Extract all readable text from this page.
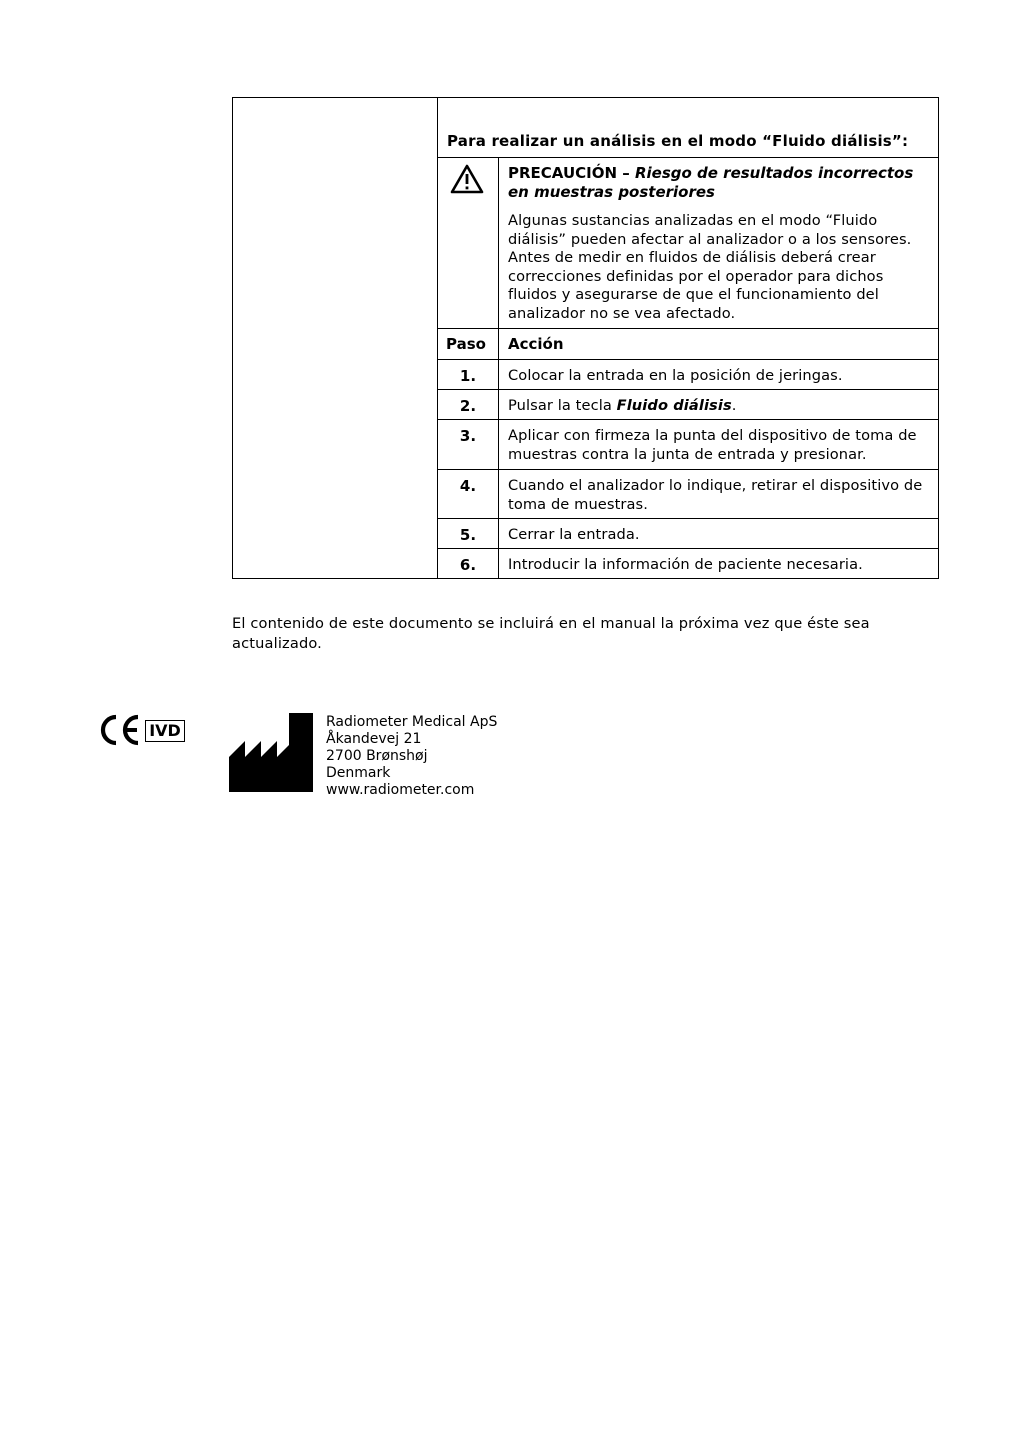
Para realizar un análisis en el modo “Fluido diálisis”:
PRECAUCIÓN – Riesgo de resultados incorrectos en muestras posteriores
Algunas sustancias analizadas en el modo “Fluido diálisis” pueden afectar al analizador o a los sensores. Antes de medir en fluidos de diálisis deberá crear correcciones definidas por el operador para dichos fluidos y asegurarse de que el funcionamiento del analizador no se vea afectado.
Paso Acción
1.	Colocar la entrada en la posición de jeringas.
2.	Pulsar la tecla Fluido diálisis.
3.	Aplicar con firmeza la punta del dispositivo de toma de muestras contra la junta de entrada y presionar.
4.	Cuando el analizador lo indique, retirar el dispositivo de toma de muestras.
5.	Cerrar la entrada.
6.	Introducir la información de paciente necesaria.
El contenido de este documento se incluirá en el manual la próxima vez que éste sea actualizado.
IVD	Radiometer Medical ApS
Åkandevej 21
2700 Brønshøj
Denmark
www.radiometer.com
